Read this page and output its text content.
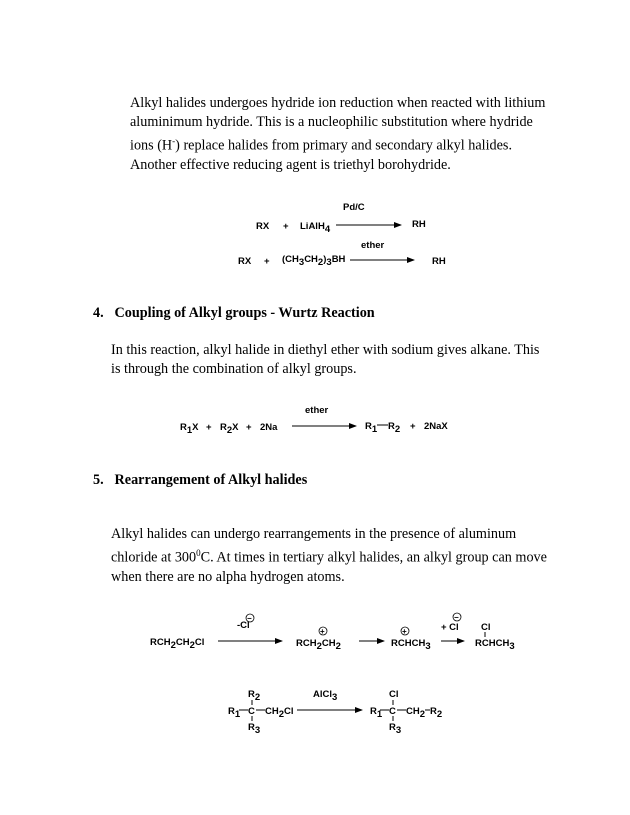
Alkyl halides undergoes hydride ion reduction when reacted with lithium
aluminimum hydride. This is a nucleophilic substitution where hydride
ions (H-) replace halides from primary and secondary alkyl halides.
Another effective reducing agent is triethyl borohydride.
4. Coupling of Alkyl groups - Wurtz Reaction
In this reaction, alkyl halide in diethyl ether with sodium gives alkane. This
is through the combination of alkyl groups.
5. Rearrangement of Alkyl halides
Alkyl halides can undergo rearrangements in the presence of aluminum
chloride at $300^0C$. At times in tertiary alkyl halides, an alkyl group can move
when there are no alpha hydrogen atoms.
RX + LiAlH4
Pd/C
RH
RX + (CH3CH2)3BH
ether
RH
R1X + R2X + 2Na
ether
R1 R2 + 2NaX
RCH2CH2Cl
-Cl
−
+
RCH2CH2
+
RCHCH3
+ Cl
−
Cl
RCHCH3
R2
R1 C CH2Cl
R3
AlCl3	Cl
R1 C CH2 R2
R3
